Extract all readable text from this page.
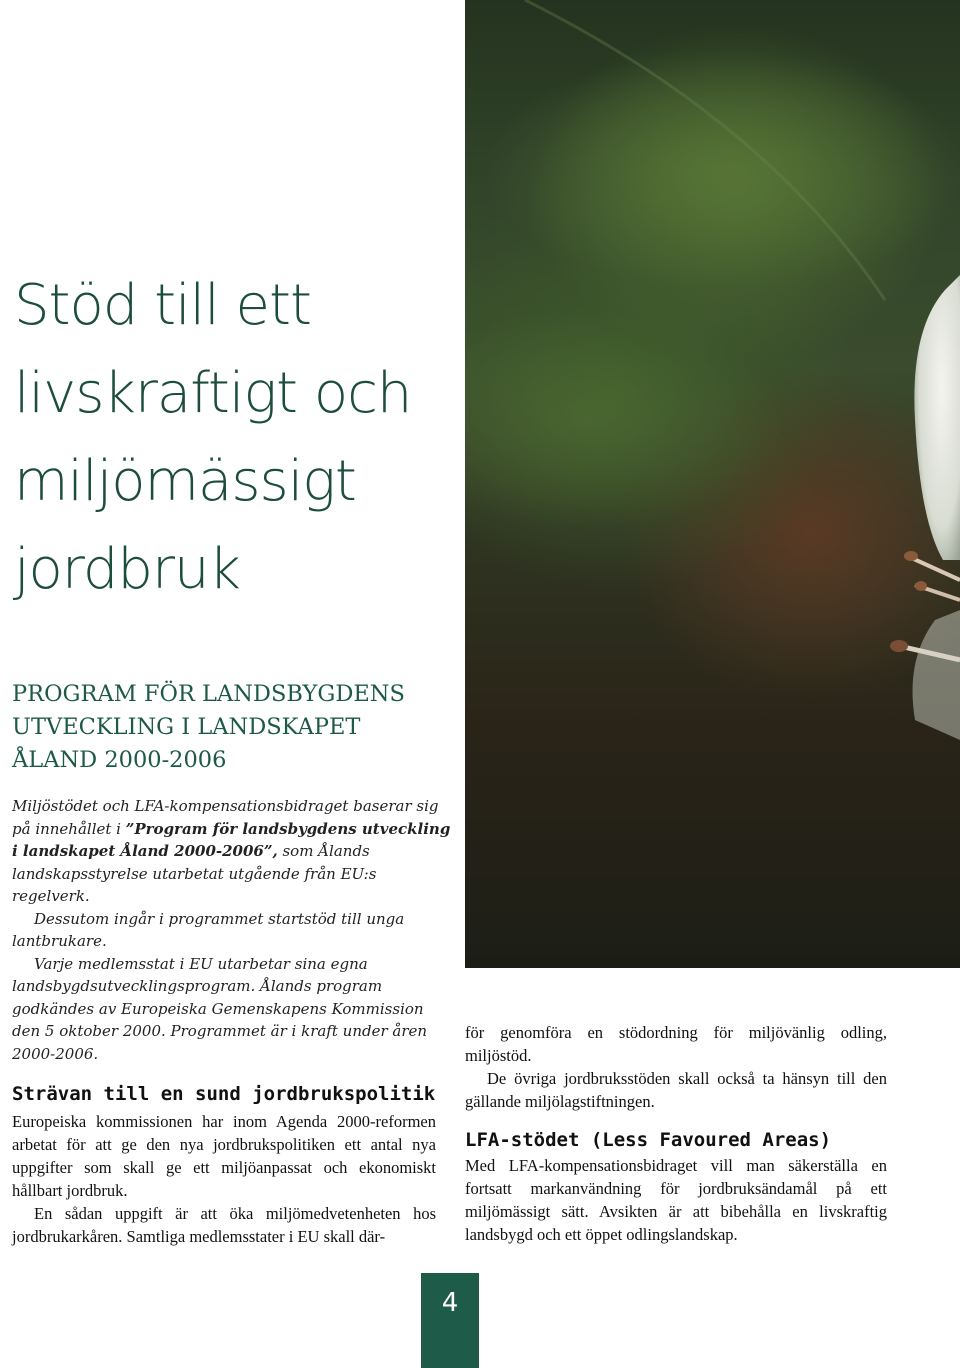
Stöd till ett
livskraftigt och
miljömässigt
jordbruk
PROGRAM FÖR LANDSBYGDENS
UTVECKLING I LANDSKAPET
ÅLAND 2000-2006

Miljöstödet och LFA-kompensationsbidraget baserar sig på innehållet i ”Program för landsbygdens utveckling i landskapet Åland 2000-2006”, som Ålands landskapsstyrelse utarbetat utgående från EU:s regelverk.

Dessutom ingår i programmet startstöd till unga lantbrukare.

Varje medlemsstat i EU utarbetar sina egna landsbygdsutvecklingsprogram. Ålands program godkändes av Europeiska Gemenskapens Kommission den 5 oktober 2000. Programmet är i kraft under åren 2000-2006.

Strävan till en sund jordbrukspolitik

Europeiska kommissionen har inom Agenda 2000-reformen arbetat för att ge den nya jordbrukspolitiken ett antal nya uppgifter som skall ge ett miljöanpassat och ekonomiskt hållbart jordbruk.

En sådan uppgift är att öka miljömedvetenheten hos jordbrukarkåren. Samtliga medlemsstater i EU skall där-

för genomföra en stödordning för miljövänlig odling, miljöstöd.

De övriga jordbruksstöden skall också ta hänsyn till den gällande miljölagstiftningen.

LFA-stödet (Less Favoured Areas)

Med LFA-kompensationsbidraget vill man säkerställa en fortsatt markanvändning för jordbruksändamål på ett miljömässigt sätt. Avsikten är att bibehålla en livskraftig landsbygd och ett öppet odlingslandskap.

4
